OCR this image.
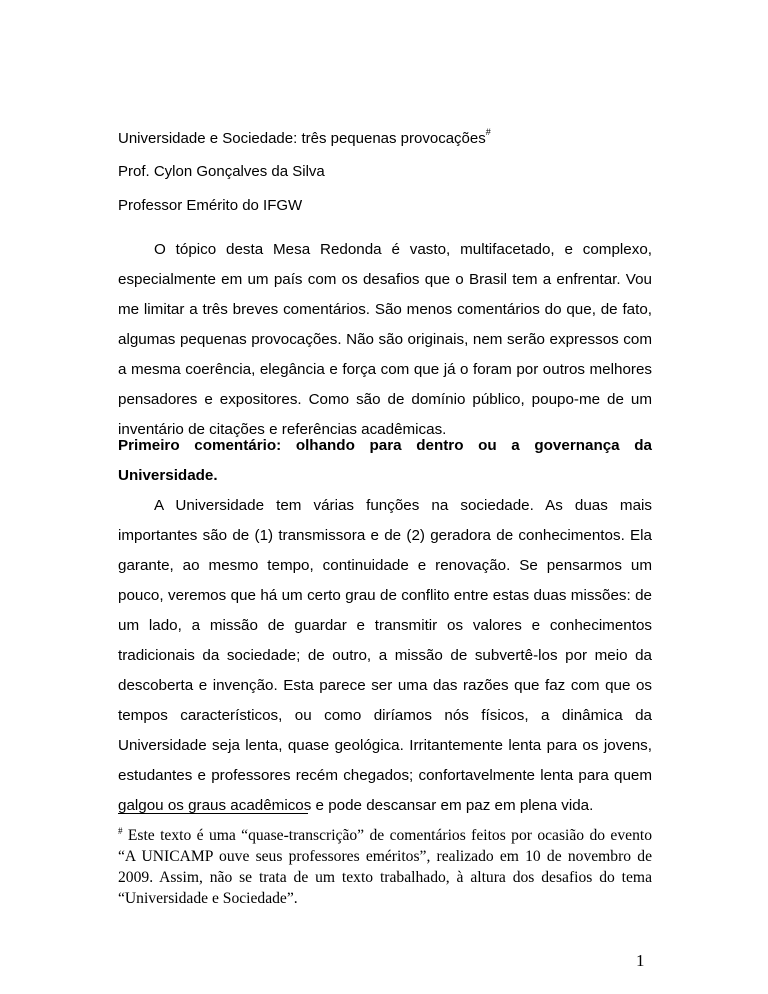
Universidade e Sociedade: três pequenas provocações#
Prof. Cylon Gonçalves da Silva
Professor Emérito do IFGW

O tópico desta Mesa Redonda é vasto, multifacetado, e complexo, especialmente em um país com os desafios que o Brasil tem a enfrentar. Vou me limitar a três breves comentários. São menos comentários do que, de fato, algumas pequenas provocações. Não são originais, nem serão expressos com a mesma coerência, elegância e força com que já o foram por outros melhores pensadores e expositores. Como são de domínio público, poupo-me de um inventário de citações e referências acadêmicas.

Primeiro comentário: olhando para dentro ou a governança da Universidade.

A Universidade tem várias funções na sociedade. As duas mais importantes são de (1) transmissora e de (2) geradora de conhecimentos. Ela garante, ao mesmo tempo, continuidade e renovação. Se pensarmos um pouco, veremos que há um certo grau de conflito entre estas duas missões: de um lado, a missão de guardar e transmitir os valores e conhecimentos tradicionais da sociedade; de outro, a missão de subvertê-los por meio da descoberta e invenção. Esta parece ser uma das razões que faz com que os tempos característicos, ou como diríamos nós físicos, a dinâmica da Universidade seja lenta, quase geológica. Irritantemente lenta para os jovens, estudantes e professores recém chegados; confortavelmente lenta para quem galgou os graus acadêmicos e pode descansar em paz em plena vida.

# Este texto é uma “quase-transcrição” de comentários feitos por ocasião do evento “A UNICAMP ouve seus professores eméritos”, realizado em 10 de novembro de 2009. Assim, não se trata de um texto trabalhado, à altura dos desafios do tema “Universidade e Sociedade”.

1
